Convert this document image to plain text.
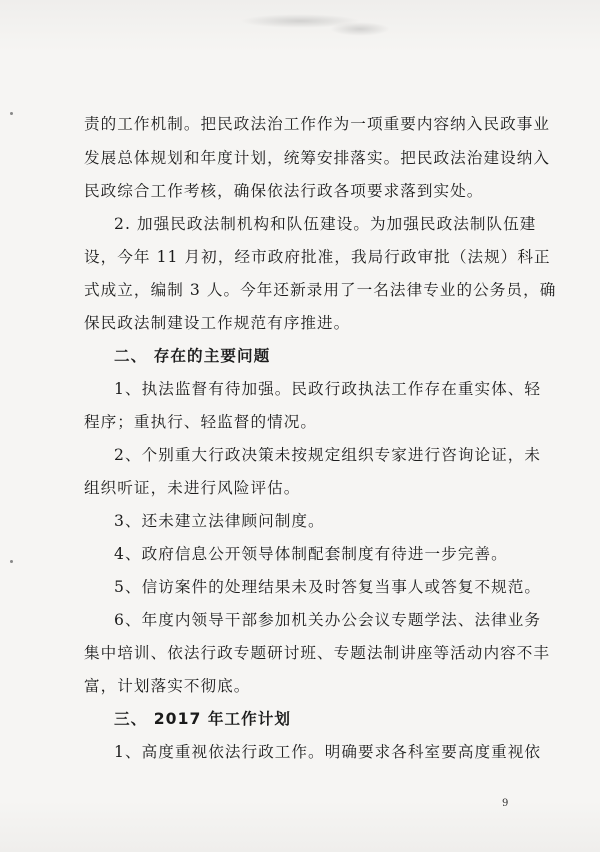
责的工作机制。把民政法治工作作为一项重要内容纳入民政事业
发展总体规划和年度计划，统筹安排落实。把民政法治建设纳入
民政综合工作考核，确保依法行政各项要求落到实处。
2. 加强民政法制机构和队伍建设。为加强民政法制队伍建
设，今年 11 月初，经市政府批准，我局行政审批（法规）科正
式成立，编制 3 人。今年还新录用了一名法律专业的公务员，确
保民政法制建设工作规范有序推进。
二、 存在的主要问题
1、执法监督有待加强。民政行政执法工作存在重实体、轻
程序；重执行、轻监督的情况。
2、个别重大行政决策未按规定组织专家进行咨询论证，未
组织听证，未进行风险评估。
3、还未建立法律顾问制度。
4、政府信息公开领导体制配套制度有待进一步完善。
5、信访案件的处理结果未及时答复当事人或答复不规范。
6、年度内领导干部参加机关办公会议专题学法、法律业务
集中培训、依法行政专题研讨班、专题法制讲座等活动内容不丰
富，计划落实不彻底。
三、 2017 年工作计划
1、高度重视依法行政工作。明确要求各科室要高度重视依
9
